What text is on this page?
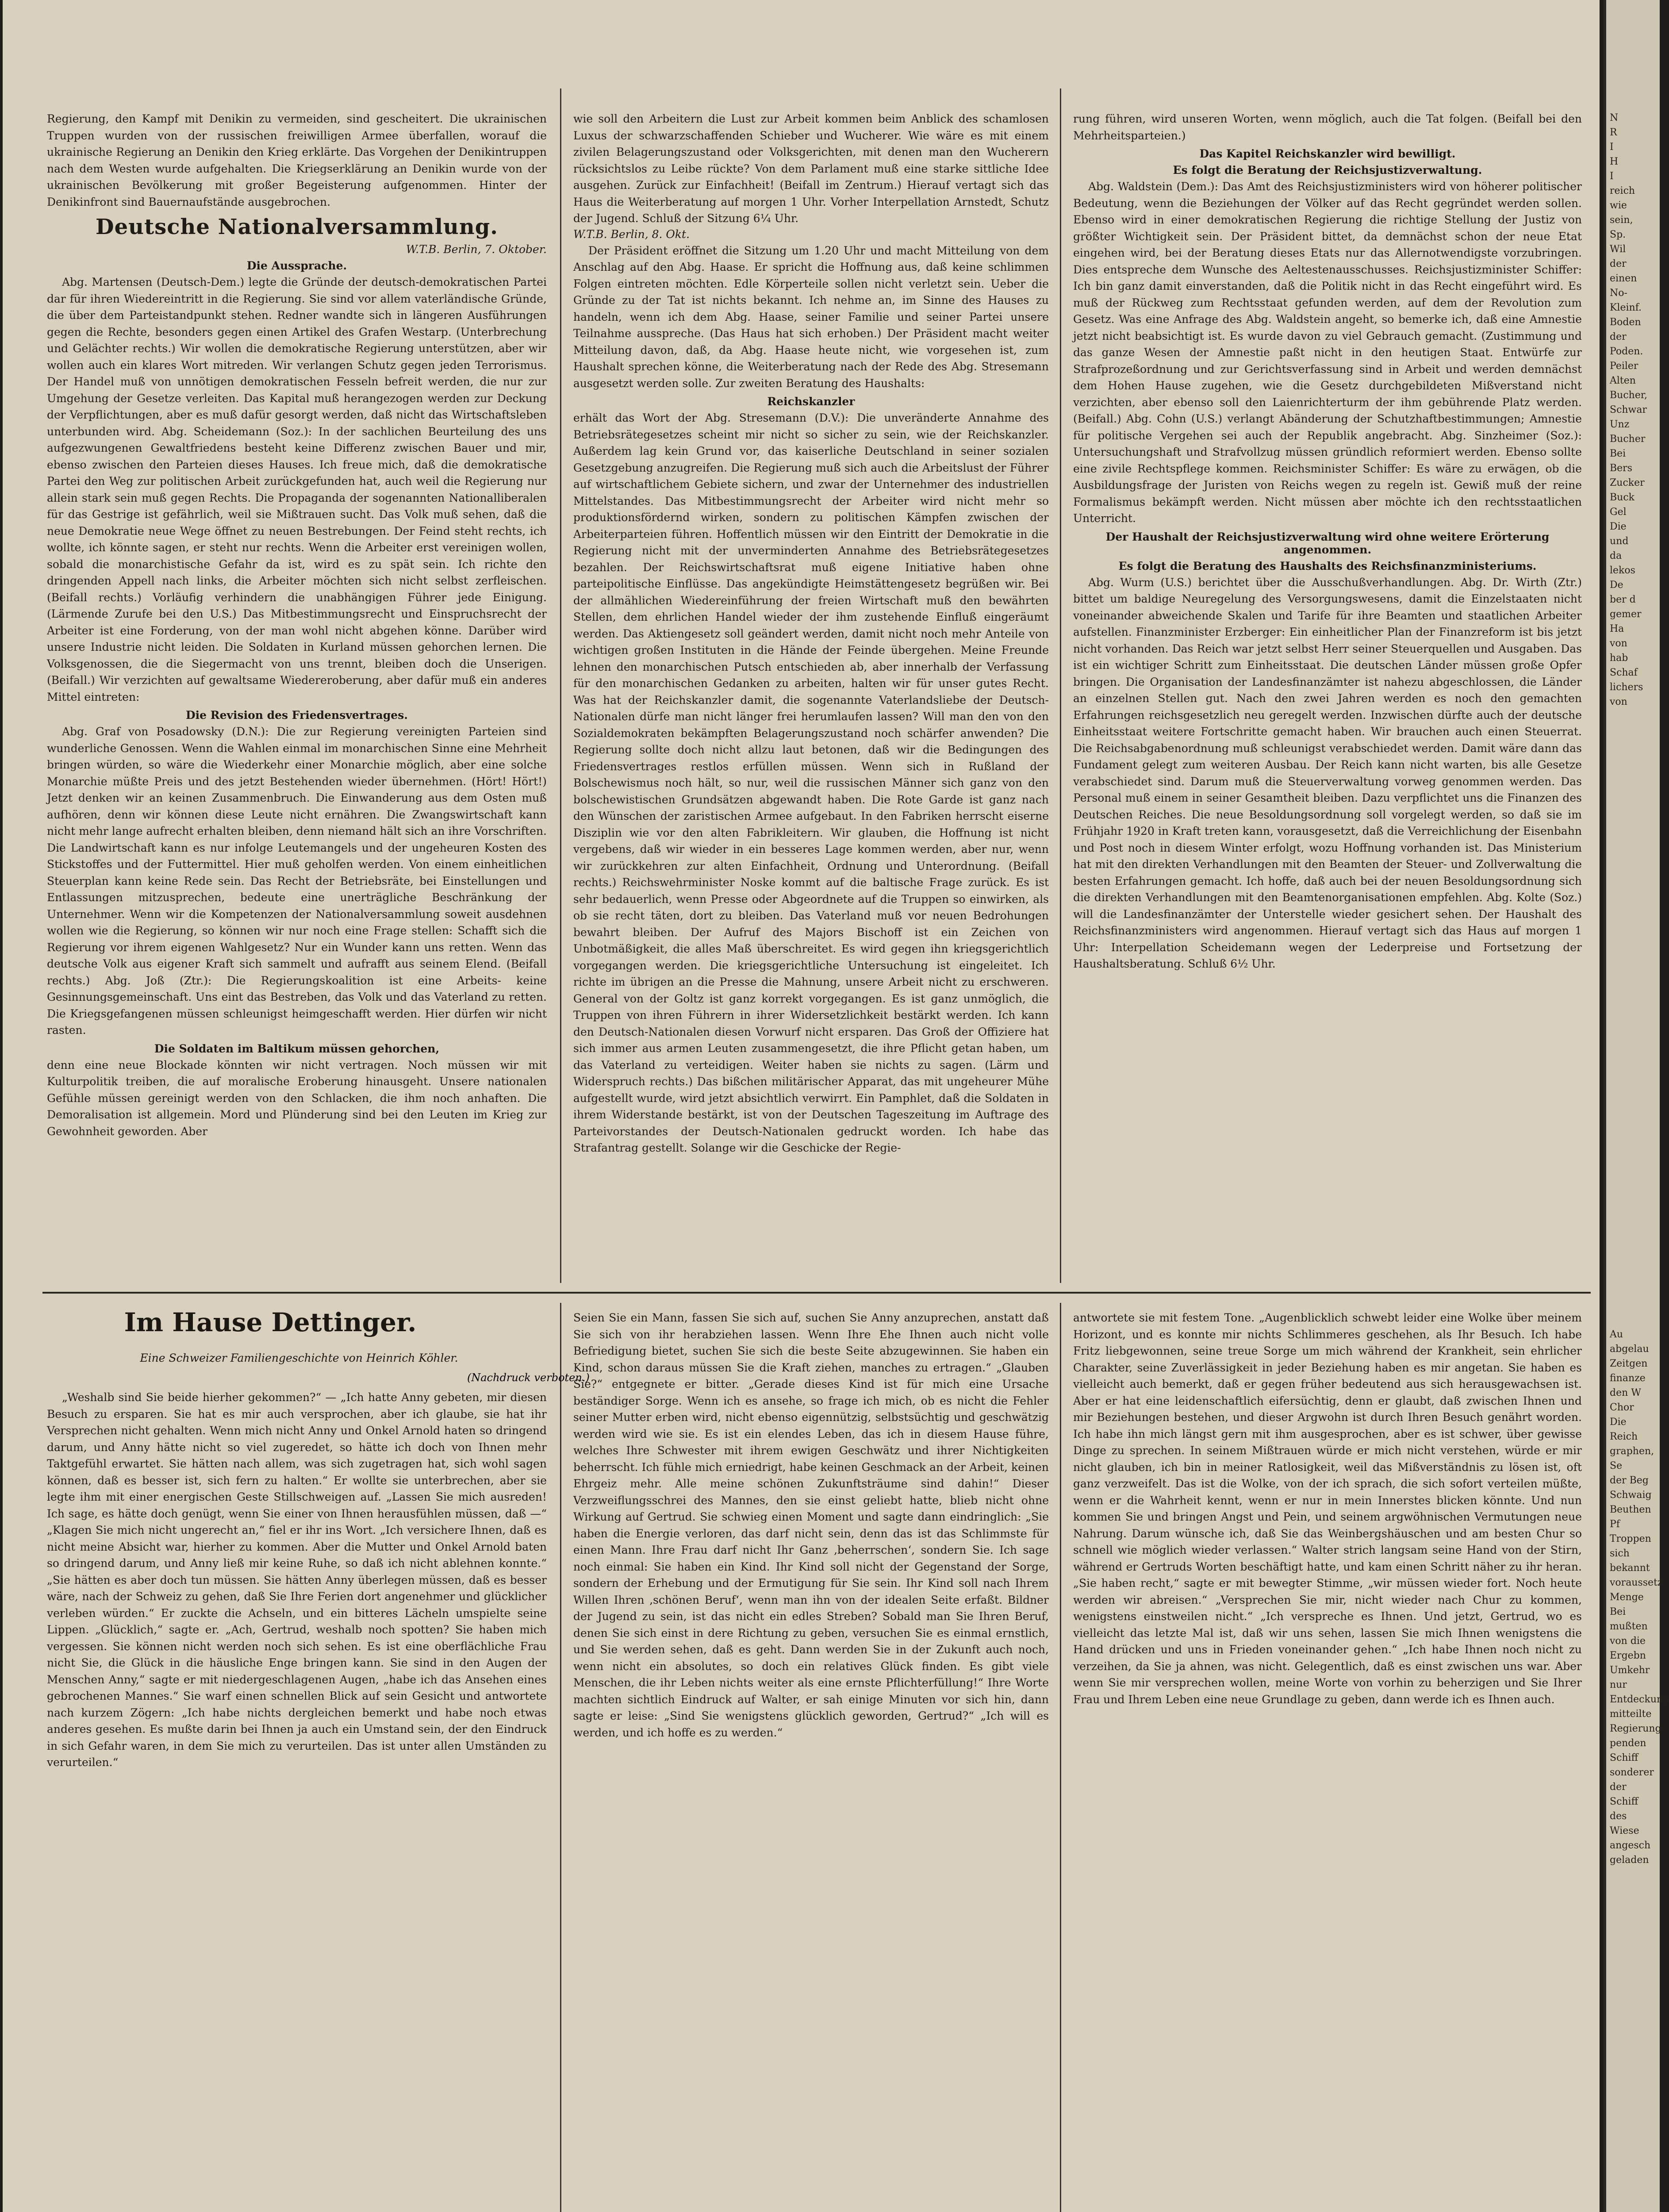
Regierung, den Kampf mit Denikin zu vermeiden, sind gescheitert. Die ukrainischen Truppen wurden von der russischen freiwilligen Armee überfallen, worauf die ukrainische Regierung an Denikin den Krieg erklärte. Das Vorgehen der Denikintruppen nach dem Westen wurde aufgehalten. Die Kriegserklärung an Denikin wurde von der ukrainischen Bevölkerung mit großer Begeisterung aufgenommen. Hinter der Denikinfront sind Bauernaufstände ausgebrochen.

Deutsche Nationalversammlung.
W.T.B. Berlin, 7. Oktober.
Die Aussprache.

Abg. Martensen (Deutsch-Dem.) legte die Gründe der deutsch-demokratischen Partei dar für ihren Wiedereintritt in die Regierung. Sie sind vor allem vaterländische Gründe, die über dem Parteistandpunkt stehen. Redner wandte sich in längeren Ausführungen gegen die Rechte, besonders gegen einen Artikel des Grafen Westarp. (Unterbrechung und Gelächter rechts.) Wir wollen die demokratische Regierung unterstützen, aber wir wollen auch ein klares Wort mitreden. Wir verlangen Schutz gegen jeden Terrorismus. Der Handel muß von unnötigen demokratischen Fesseln befreit werden, die nur zur Umgehung der Gesetze verleiten. Das Kapital muß herangezogen werden zur Deckung der Verpflichtungen, aber es muß dafür gesorgt werden, daß nicht das Wirtschaftsleben unterbunden wird. Abg. Scheidemann (Soz.): In der sachlichen Beurteilung des uns aufgezwungenen Gewaltfriedens besteht keine Differenz zwischen Bauer und mir, ebenso zwischen den Parteien dieses Hauses. Ich freue mich, daß die demokratische Partei den Weg zur politischen Arbeit zurückgefunden hat, auch weil die Regierung nur allein stark sein muß gegen Rechts. Die Propaganda der sogenannten Nationalliberalen für das Gestrige ist gefährlich, weil sie Mißtrauen sucht. Das Volk muß sehen, daß die neue Demokratie neue Wege öffnet zu neuen Bestrebungen. Der Feind steht rechts, ich wollte, ich könnte sagen, er steht nur rechts. Wenn die Arbeiter erst vereinigen wollen, sobald die monarchistische Gefahr da ist, wird es zu spät sein. Ich richte den dringenden Appell nach links, die Arbeiter möchten sich nicht selbst zerfleischen. (Beifall rechts.) Vorläufig verhindern die unabhängigen Führer jede Einigung. (Lärmende Zurufe bei den U.S.) Das Mitbestimmungsrecht und Einspruchsrecht der Arbeiter ist eine Forderung, von der man wohl nicht abgehen könne. Darüber wird unsere Industrie nicht leiden. Die Soldaten in Kurland müssen gehorchen lernen. Die Volksgenossen, die die Siegermacht von uns trennt, bleiben doch die Unserigen. (Beifall.) Wir verzichten auf gewaltsame Wiedereroberung, aber dafür muß ein anderes Mittel eintreten:

Die Revision des Friedensvertrages.

Abg. Graf von Posadowsky (D.N.): Die zur Regierung vereinigten Parteien sind wunderliche Genossen. Wenn die Wahlen einmal im monarchischen Sinne eine Mehrheit bringen würden, so wäre die Wiederkehr einer Monarchie möglich, aber eine solche Monarchie müßte Preis und des jetzt Bestehenden wieder übernehmen. (Hört! Hört!) Jetzt denken wir an keinen Zusammenbruch. Die Einwanderung aus dem Osten muß aufhören, denn wir können diese Leute nicht ernähren. Die Zwangswirtschaft kann nicht mehr lange aufrecht erhalten bleiben, denn niemand hält sich an ihre Vorschriften. Die Landwirtschaft kann es nur infolge Leutemangels und der ungeheuren Kosten des Stickstoffes und der Futtermittel. Hier muß geholfen werden. Von einem einheitlichen Steuerplan kann keine Rede sein. Das Recht der Betriebsräte, bei Einstellungen und Entlassungen mitzusprechen, bedeute eine unerträgliche Beschränkung der Unternehmer. Wenn wir die Kompetenzen der Nationalversammlung soweit ausdehnen wollen wie die Regierung, so können wir nur noch eine Frage stellen: Schafft sich die Regierung vor ihrem eigenen Wahlgesetz? Nur ein Wunder kann uns retten. Wenn das deutsche Volk aus eigener Kraft sich sammelt und aufrafft aus seinem Elend. (Beifall rechts.) Abg. Joß (Ztr.): Die Regierungskoalition ist eine Arbeits- keine Gesinnungsgemeinschaft. Uns eint das Bestreben, das Volk und das Vaterland zu retten. Die Kriegsgefangenen müssen schleunigst heimgeschafft werden. Hier dürfen wir nicht rasten.

Die Soldaten im Baltikum müssen gehorchen,

denn eine neue Blockade könnten wir nicht vertragen. Noch müssen wir mit Kulturpolitik treiben, die auf moralische Eroberung hinausgeht. Unsere nationalen Gefühle müssen gereinigt werden von den Schlacken, die ihm noch anhaften. Die Demoralisation ist allgemein. Mord und Plünderung sind bei den Leuten im Krieg zur Gewohnheit geworden. Aber

wie soll den Arbeitern die Lust zur Arbeit kommen beim Anblick des schamlosen Luxus der schwarzschaffenden Schieber und Wucherer. Wie wäre es mit einem zivilen Belagerungszustand oder Volksgerichten, mit denen man den Wucherern rücksichtslos zu Leibe rückte? Von dem Parlament muß eine starke sittliche Idee ausgehen. Zurück zur Einfachheit! (Beifall im Zentrum.) Hierauf vertagt sich das Haus die Weiterberatung auf morgen 1 Uhr. Vorher Interpellation Arnstedt, Schutz der Jugend. Schluß der Sitzung 6¼ Uhr.

W.T.B. Berlin, 8. Okt.

Der Präsident eröffnet die Sitzung um 1.20 Uhr und macht Mitteilung von dem Anschlag auf den Abg. Haase. Er spricht die Hoffnung aus, daß keine schlimmen Folgen eintreten möchten. Edle Körperteile sollen nicht verletzt sein. Ueber die Gründe zu der Tat ist nichts bekannt. Ich nehme an, im Sinne des Hauses zu handeln, wenn ich dem Abg. Haase, seiner Familie und seiner Partei unsere Teilnahme ausspreche. (Das Haus hat sich erhoben.) Der Präsident macht weiter Mitteilung davon, daß, da Abg. Haase heute nicht, wie vorgesehen ist, zum Haushalt sprechen könne, die Weiterberatung nach der Rede des Abg. Stresemann ausgesetzt werden solle. Zur zweiten Beratung des Haushalts:

Reichskanzler

erhält das Wort der Abg. Stresemann (D.V.): Die unveränderte Annahme des Betriebsrätegesetzes scheint mir nicht so sicher zu sein, wie der Reichskanzler. Außerdem lag kein Grund vor, das kaiserliche Deutschland in seiner sozialen Gesetzgebung anzugreifen. Die Regierung muß sich auch die Arbeitslust der Führer auf wirtschaftlichem Gebiete sichern, und zwar der Unternehmer des industriellen Mittelstandes. Das Mitbestimmungsrecht der Arbeiter wird nicht mehr so produktionsfördernd wirken, sondern zu politischen Kämpfen zwischen der Arbeiterparteien führen. Hoffentlich müssen wir den Eintritt der Demokratie in die Regierung nicht mit der unverminderten Annahme des Betriebsrätegesetzes bezahlen. Der Reichswirtschaftsrat muß eigene Initiative haben ohne parteipolitische Einflüsse. Das angekündigte Heimstättengesetz begrüßen wir. Bei der allmählichen Wiedereinführung der freien Wirtschaft muß den bewährten Stellen, dem ehrlichen Handel wieder der ihm zustehende Einfluß eingeräumt werden. Das Aktiengesetz soll geändert werden, damit nicht noch mehr Anteile von wichtigen großen Instituten in die Hände der Feinde übergehen. Meine Freunde lehnen den monarchischen Putsch entschieden ab, aber innerhalb der Verfassung für den monarchischen Gedanken zu arbeiten, halten wir für unser gutes Recht. Was hat der Reichskanzler damit, die sogenannte Vaterlandsliebe der Deutsch-Nationalen dürfe man nicht länger frei herumlaufen lassen? Will man den von den Sozialdemokraten bekämpften Belagerungszustand noch schärfer anwenden? Die Regierung sollte doch nicht allzu laut betonen, daß wir die Bedingungen des Friedensvertrages restlos erfüllen müssen. Wenn sich in Rußland der Bolschewismus noch hält, so nur, weil die russischen Männer sich ganz von den bolschewistischen Grundsätzen abgewandt haben. Die Rote Garde ist ganz nach den Wünschen der zaristischen Armee aufgebaut. In den Fabriken herrscht eiserne Disziplin wie vor den alten Fabrikleitern. Wir glauben, die Hoffnung ist nicht vergebens, daß wir wieder in ein besseres Lage kommen werden, aber nur, wenn wir zurückkehren zur alten Einfachheit, Ordnung und Unterordnung. (Beifall rechts.) Reichswehrminister Noske kommt auf die baltische Frage zurück. Es ist sehr bedauerlich, wenn Presse oder Abgeordnete auf die Truppen so einwirken, als ob sie recht täten, dort zu bleiben. Das Vaterland muß vor neuen Bedrohungen bewahrt bleiben. Der Aufruf des Majors Bischoff ist ein Zeichen von Unbotmäßigkeit, die alles Maß überschreitet. Es wird gegen ihn kriegsgerichtlich vorgegangen werden. Die kriegsgerichtliche Untersuchung ist eingeleitet. Ich richte im übrigen an die Presse die Mahnung, unsere Arbeit nicht zu erschweren. General von der Goltz ist ganz korrekt vorgegangen. Es ist ganz unmöglich, die Truppen von ihren Führern in ihrer Widersetzlichkeit bestärkt werden. Ich kann den Deutsch-Nationalen diesen Vorwurf nicht ersparen. Das Groß der Offiziere hat sich immer aus armen Leuten zusammengesetzt, die ihre Pflicht getan haben, um das Vaterland zu verteidigen. Weiter haben sie nichts zu sagen. (Lärm und Widerspruch rechts.) Das bißchen militärischer Apparat, das mit ungeheurer Mühe aufgestellt wurde, wird jetzt absichtlich verwirrt. Ein Pamphlet, daß die Soldaten in ihrem Widerstande bestärkt, ist von der Deutschen Tageszeitung im Auftrage des Parteivorstandes der Deutsch-Nationalen gedruckt worden. Ich habe das Strafantrag gestellt. Solange wir die Geschicke der Regie-

rung führen, wird unseren Worten, wenn möglich, auch die Tat folgen. (Beifall bei den Mehrheitsparteien.)

Das Kapitel Reichskanzler wird bewilligt.
Es folgt die Beratung der Reichsjustizverwaltung.

Abg. Waldstein (Dem.): Das Amt des Reichsjustizministers wird von höherer politischer Bedeutung, wenn die Beziehungen der Völker auf das Recht gegründet werden sollen. Ebenso wird in einer demokratischen Regierung die richtige Stellung der Justiz von größter Wichtigkeit sein. Der Präsident bittet, da demnächst schon der neue Etat eingehen wird, bei der Beratung dieses Etats nur das Allernotwendigste vorzubringen. Dies entspreche dem Wunsche des Aeltestenausschusses. Reichsjustizminister Schiffer: Ich bin ganz damit einverstanden, daß die Politik nicht in das Recht eingeführt wird. Es muß der Rückweg zum Rechtsstaat gefunden werden, auf dem der Revolution zum Gesetz. Was eine Anfrage des Abg. Waldstein angeht, so bemerke ich, daß eine Amnestie jetzt nicht beabsichtigt ist. Es wurde davon zu viel Gebrauch gemacht. (Zustimmung und das ganze Wesen der Amnestie paßt nicht in den heutigen Staat. Entwürfe zur Strafprozeßordnung und zur Gerichtsverfassung sind in Arbeit und werden demnächst dem Hohen Hause zugehen, wie die Gesetz durchgebildeten Mißverstand nicht verzichten, aber ebenso soll den Laienrichterturm der ihm gebührende Platz werden. (Beifall.) Abg. Cohn (U.S.) verlangt Abänderung der Schutzhaftbestimmungen; Amnestie für politische Vergehen sei auch der Republik angebracht. Abg. Sinzheimer (Soz.): Untersuchungshaft und Strafvollzug müssen gründlich reformiert werden. Ebenso sollte eine zivile Rechtspflege kommen. Reichsminister Schiffer: Es wäre zu erwägen, ob die Ausbildungsfrage der Juristen von Reichs wegen zu regeln ist. Gewiß muß der reine Formalismus bekämpft werden. Nicht müssen aber möchte ich den rechtsstaatlichen Unterricht.

Der Haushalt der Reichsjustizverwaltung wird ohne weitere Erörterung angenommen.
Es folgt die Beratung des Haushalts des Reichsfinanzministeriums.

Abg. Wurm (U.S.) berichtet über die Ausschußverhandlungen. Abg. Dr. Wirth (Ztr.) bittet um baldige Neuregelung des Versorgungswesens, damit die Einzelstaaten nicht voneinander abweichende Skalen und Tarife für ihre Beamten und staatlichen Arbeiter aufstellen. Finanzminister Erzberger: Ein einheitlicher Plan der Finanzreform ist bis jetzt nicht vorhanden. Das Reich war jetzt selbst Herr seiner Steuerquellen und Ausgaben. Das ist ein wichtiger Schritt zum Einheitsstaat. Die deutschen Länder müssen große Opfer bringen. Die Organisation der Landesfinanzämter ist nahezu abgeschlossen, die Länder an einzelnen Stellen gut. Nach den zwei Jahren werden es noch den gemachten Erfahrungen reichsgesetzlich neu geregelt werden. Inzwischen dürfte auch der deutsche Einheitsstaat weitere Fortschritte gemacht haben. Wir brauchen auch einen Steuerrat. Die Reichsabgabenordnung muß schleunigst verabschiedet werden. Damit wäre dann das Fundament gelegt zum weiteren Ausbau. Der Reich kann nicht warten, bis alle Gesetze verabschiedet sind. Darum muß die Steuerverwaltung vorweg genommen werden. Das Personal muß einem in seiner Gesamtheit bleiben. Dazu verpflichtet uns die Finanzen des Deutschen Reiches. Die neue Besoldungsordnung soll vorgelegt werden, so daß sie im Frühjahr 1920 in Kraft treten kann, vorausgesetzt, daß die Verreichlichung der Eisenbahn und Post noch in diesem Winter erfolgt, wozu Hoffnung vorhanden ist. Das Ministerium hat mit den direkten Verhandlungen mit den Beamten der Steuer- und Zollverwaltung die besten Erfahrungen gemacht. Ich hoffe, daß auch bei der neuen Besoldungsordnung sich die direkten Verhandlungen mit den Beamtenorganisationen empfehlen. Abg. Kolte (Soz.) will die Landesfinanzämter der Unterstelle wieder gesichert sehen. Der Haushalt des Reichsfinanzministers wird angenommen. Hierauf vertagt sich das Haus auf morgen 1 Uhr: Interpellation Scheidemann wegen der Lederpreise und Fortsetzung der Haushaltsberatung. Schluß 6½ Uhr.

Im Hause Dettinger.
Eine Schweizer Familiengeschichte von Heinrich Köhler.
(Nachdruck verboten.)

„Weshalb sind Sie beide hierher gekommen?“ — „Ich hatte Anny gebeten, mir diesen Besuch zu ersparen. Sie hat es mir auch versprochen, aber ich glaube, sie hat ihr Versprechen nicht gehalten. Wenn mich nicht Anny und Onkel Arnold haten so dringend darum, und Anny hätte nicht so viel zugeredet, so hätte ich doch von Ihnen mehr Taktgefühl erwartet. Sie hätten nach allem, was sich zugetragen hat, sich wohl sagen können, daß es besser ist, sich fern zu halten.“ Er wollte sie unterbrechen, aber sie legte ihm mit einer energischen Geste Stillschweigen auf. „Lassen Sie mich ausreden! Ich sage, es hätte doch genügt, wenn Sie einer von Ihnen herausfühlen müssen, daß —“ „Klagen Sie mich nicht ungerecht an,“ fiel er ihr ins Wort. „Ich versichere Ihnen, daß es nicht meine Absicht war, hierher zu kommen. Aber die Mutter und Onkel Arnold baten so dringend darum, und Anny ließ mir keine Ruhe, so daß ich nicht ablehnen konnte.“ „Sie hätten es aber doch tun müssen. Sie hätten Anny überlegen müssen, daß es besser wäre, nach der Schweiz zu gehen, daß Sie Ihre Ferien dort angenehmer und glücklicher verleben würden.“ Er zuckte die Achseln, und ein bitteres Lächeln umspielte seine Lippen. „Glücklich,“ sagte er. „Ach, Gertrud, weshalb noch spotten? Sie haben mich vergessen. Sie können nicht werden noch sich sehen. Es ist eine oberflächliche Frau nicht Sie, die Glück in die häusliche Enge bringen kann. Sie sind in den Augen der Menschen Anny,“ sagte er mit niedergeschlagenen Augen, „habe ich das Ansehen eines gebrochenen Mannes.“ Sie warf einen schnellen Blick auf sein Gesicht und antwortete nach kurzem Zögern: „Ich habe nichts dergleichen bemerkt und habe noch etwas anderes gesehen. Es mußte darin bei Ihnen ja auch ein Umstand sein, der den Eindruck in sich Gefahr waren, in dem Sie mich zu verurteilen. Das ist unter allen Umständen zu verurteilen.“

Seien Sie ein Mann, fassen Sie sich auf, suchen Sie Anny anzuprechen, anstatt daß Sie sich von ihr herabziehen lassen. Wenn Ihre Ehe Ihnen auch nicht volle Befriedigung bietet, suchen Sie sich die beste Seite abzugewinnen. Sie haben ein Kind, schon daraus müssen Sie die Kraft ziehen, manches zu ertragen.“ „Glauben Sie?“ entgegnete er bitter. „Gerade dieses Kind ist für mich eine Ursache beständiger Sorge. Wenn ich es ansehe, so frage ich mich, ob es nicht die Fehler seiner Mutter erben wird, nicht ebenso eigennützig, selbstsüchtig und geschwätzig werden wird wie sie. Es ist ein elendes Leben, das ich in diesem Hause führe, welches Ihre Schwester mit ihrem ewigen Geschwätz und ihrer Nichtigkeiten beherrscht. Ich fühle mich erniedrigt, habe keinen Geschmack an der Arbeit, keinen Ehrgeiz mehr. Alle meine schönen Zukunftsträume sind dahin!“ Dieser Verzweiflungsschrei des Mannes, den sie einst geliebt hatte, blieb nicht ohne Wirkung auf Gertrud. Sie schwieg einen Moment und sagte dann eindringlich: „Sie haben die Energie verloren, das darf nicht sein, denn das ist das Schlimmste für einen Mann. Ihre Frau darf nicht Ihr Ganz ‚beherrschen‘, sondern Sie. Ich sage noch einmal: Sie haben ein Kind. Ihr Kind soll nicht der Gegenstand der Sorge, sondern der Erhebung und der Ermutigung für Sie sein. Ihr Kind soll nach Ihrem Willen Ihren ‚schönen Beruf‘, wenn man ihn von der idealen Seite erfaßt. Bildner der Jugend zu sein, ist das nicht ein edles Streben? Sobald man Sie Ihren Beruf, denen Sie sich einst in dere Richtung zu geben, versuchen Sie es einmal ernstlich, und Sie werden sehen, daß es geht. Dann werden Sie in der Zukunft auch noch, wenn nicht ein absolutes, so doch ein relatives Glück finden. Es gibt viele Menschen, die ihr Leben nichts weiter als eine ernste Pflichterfüllung!“ Ihre Worte machten sichtlich Eindruck auf Walter, er sah einige Minuten vor sich hin, dann sagte er leise: „Sind Sie wenigstens glücklich geworden, Gertrud?“ „Ich will es werden, und ich hoffe es zu werden.“

antwortete sie mit festem Tone. „Augenblicklich schwebt leider eine Wolke über meinem Horizont, und es konnte mir nichts Schlimmeres geschehen, als Ihr Besuch. Ich habe Fritz liebgewonnen, seine treue Sorge um mich während der Krankheit, sein ehrlicher Charakter, seine Zuverlässigkeit in jeder Beziehung haben es mir angetan. Sie haben es vielleicht auch bemerkt, daß er gegen früher bedeutend aus sich herausgewachsen ist. Aber er hat eine leidenschaftlich eifersüchtig, denn er glaubt, daß zwischen Ihnen und mir Beziehungen bestehen, und dieser Argwohn ist durch Ihren Besuch genährt worden. Ich habe ihn mich längst gern mit ihm ausgesprochen, aber es ist schwer, über gewisse Dinge zu sprechen. In seinem Mißtrauen würde er mich nicht verstehen, würde er mir nicht glauben, ich bin in meiner Ratlosigkeit, weil das Mißverständnis zu lösen ist, oft ganz verzweifelt. Das ist die Wolke, von der ich sprach, die sich sofort verteilen müßte, wenn er die Wahrheit kennt, wenn er nur in mein Innerstes blicken könnte. Und nun kommen Sie und bringen Angst und Pein, und seinem argwöhnischen Vermutungen neue Nahrung. Darum wünsche ich, daß Sie das Weinbergshäuschen und am besten Chur so schnell wie möglich wieder verlassen.“ Walter strich langsam seine Hand von der Stirn, während er Gertruds Worten beschäftigt hatte, und kam einen Schritt näher zu ihr heran. „Sie haben recht,“ sagte er mit bewegter Stimme, „wir müssen wieder fort. Noch heute werden wir abreisen.“ „Versprechen Sie mir, nicht wieder nach Chur zu kommen, wenigstens einstweilen nicht.“ „Ich verspreche es Ihnen. Und jetzt, Gertrud, wo es vielleicht das letzte Mal ist, daß wir uns sehen, lassen Sie mich Ihnen wenigstens die Hand drücken und uns in Frieden voneinander gehen.“ „Ich habe Ihnen noch nicht zu verzeihen, da Sie ja ahnen, was nicht. Gelegentlich, daß es einst zwischen uns war. Aber wenn Sie mir versprechen wollen, meine Worte von vorhin zu beherzigen und Sie Ihrer Frau und Ihrem Leben eine neue Grundlage zu geben, dann werde ich es Ihnen auch.

N
R
I
H
I
reich
wie
sein,
Sp.
Wil
der
einen
No-
Kleinf.
Boden
der
Poden.
Peiler
Alten
Bucher,
Schwar
Unz
Bucher
Bei
Bers
Zucker
Buck
Gel
Die
und
da
lekos
De
ber d
gemer
Ha
von
hab
Schaf
lichers
von
Au
abgelau
Zeitgen
finanze
den W
Chor
Die
Reich
graphen,
Se
der Beg
Schwaig
Beuthen
Pf
Troppen
sich
bekannt
voraussetz
Menge
Bei
mußten
von die
Ergebn
Umkehr
nur
Entdeckung
mitteilte
Regierung
penden
Schiff
sonderer
der
Schiff
des
Wiese
angesch
geladen
